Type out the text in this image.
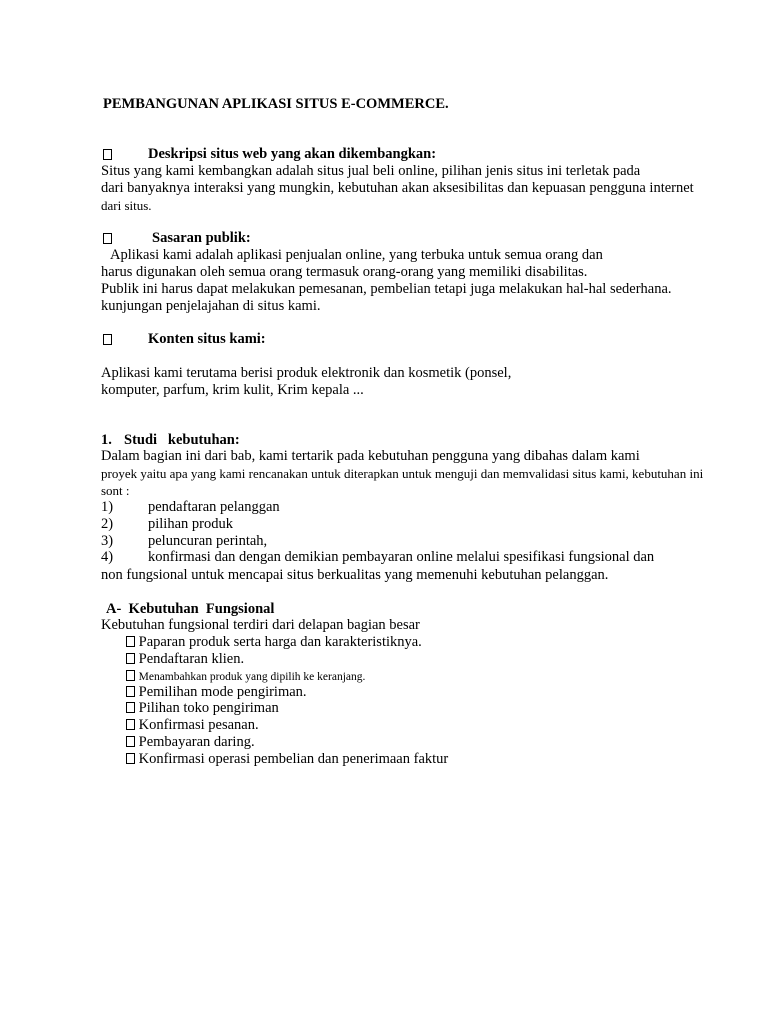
PEMBANGUNAN APLIKASI SITUS E-COMMERCE.
Deskripsi situs web yang akan dikembangkan:
Situs yang kami kembangkan adalah situs jual beli online, pilihan jenis situs ini terletak pada
dari banyaknya interaksi yang mungkin, kebutuhan akan aksesibilitas dan kepuasan pengguna internet
dari situs.
Sasaran publik:
Aplikasi kami adalah aplikasi penjualan online, yang terbuka untuk semua orang dan
harus digunakan oleh semua orang termasuk orang-orang yang memiliki disabilitas.
Publik ini harus dapat melakukan pemesanan, pembelian tetapi juga melakukan hal-hal sederhana.
kunjungan penjelajahan di situs kami.
Konten situs kami:
Aplikasi kami terutama berisi produk elektronik dan kosmetik (ponsel,
komputer, parfum, krim kulit, Krim kepala ...
1. Studi   kebutuhan:
Dalam bagian ini dari bab, kami tertarik pada kebutuhan pengguna yang dibahas dalam kami
proyek yaitu apa yang kami rencanakan untuk diterapkan untuk menguji dan memvalidasi situs kami, kebutuhan ini
sont :
1) pendaftaran pelanggan
2) pilihan produk
3) peluncuran perintah,
4) konfirmasi dan dengan demikian pembayaran online melalui spesifikasi fungsional dan
non fungsional untuk mencapai situs berkualitas yang memenuhi kebutuhan pelanggan.
A-  Kebutuhan  Fungsional
Kebutuhan fungsional terdiri dari delapan bagian besar
Paparan produk serta harga dan karakteristiknya.
Pendaftaran klien.
Menambahkan produk yang dipilih ke keranjang.
Pemilihan mode pengiriman.
Pilihan toko pengiriman
Konfirmasi pesanan.
Pembayaran daring.
Konfirmasi operasi pembelian dan penerimaan faktur
